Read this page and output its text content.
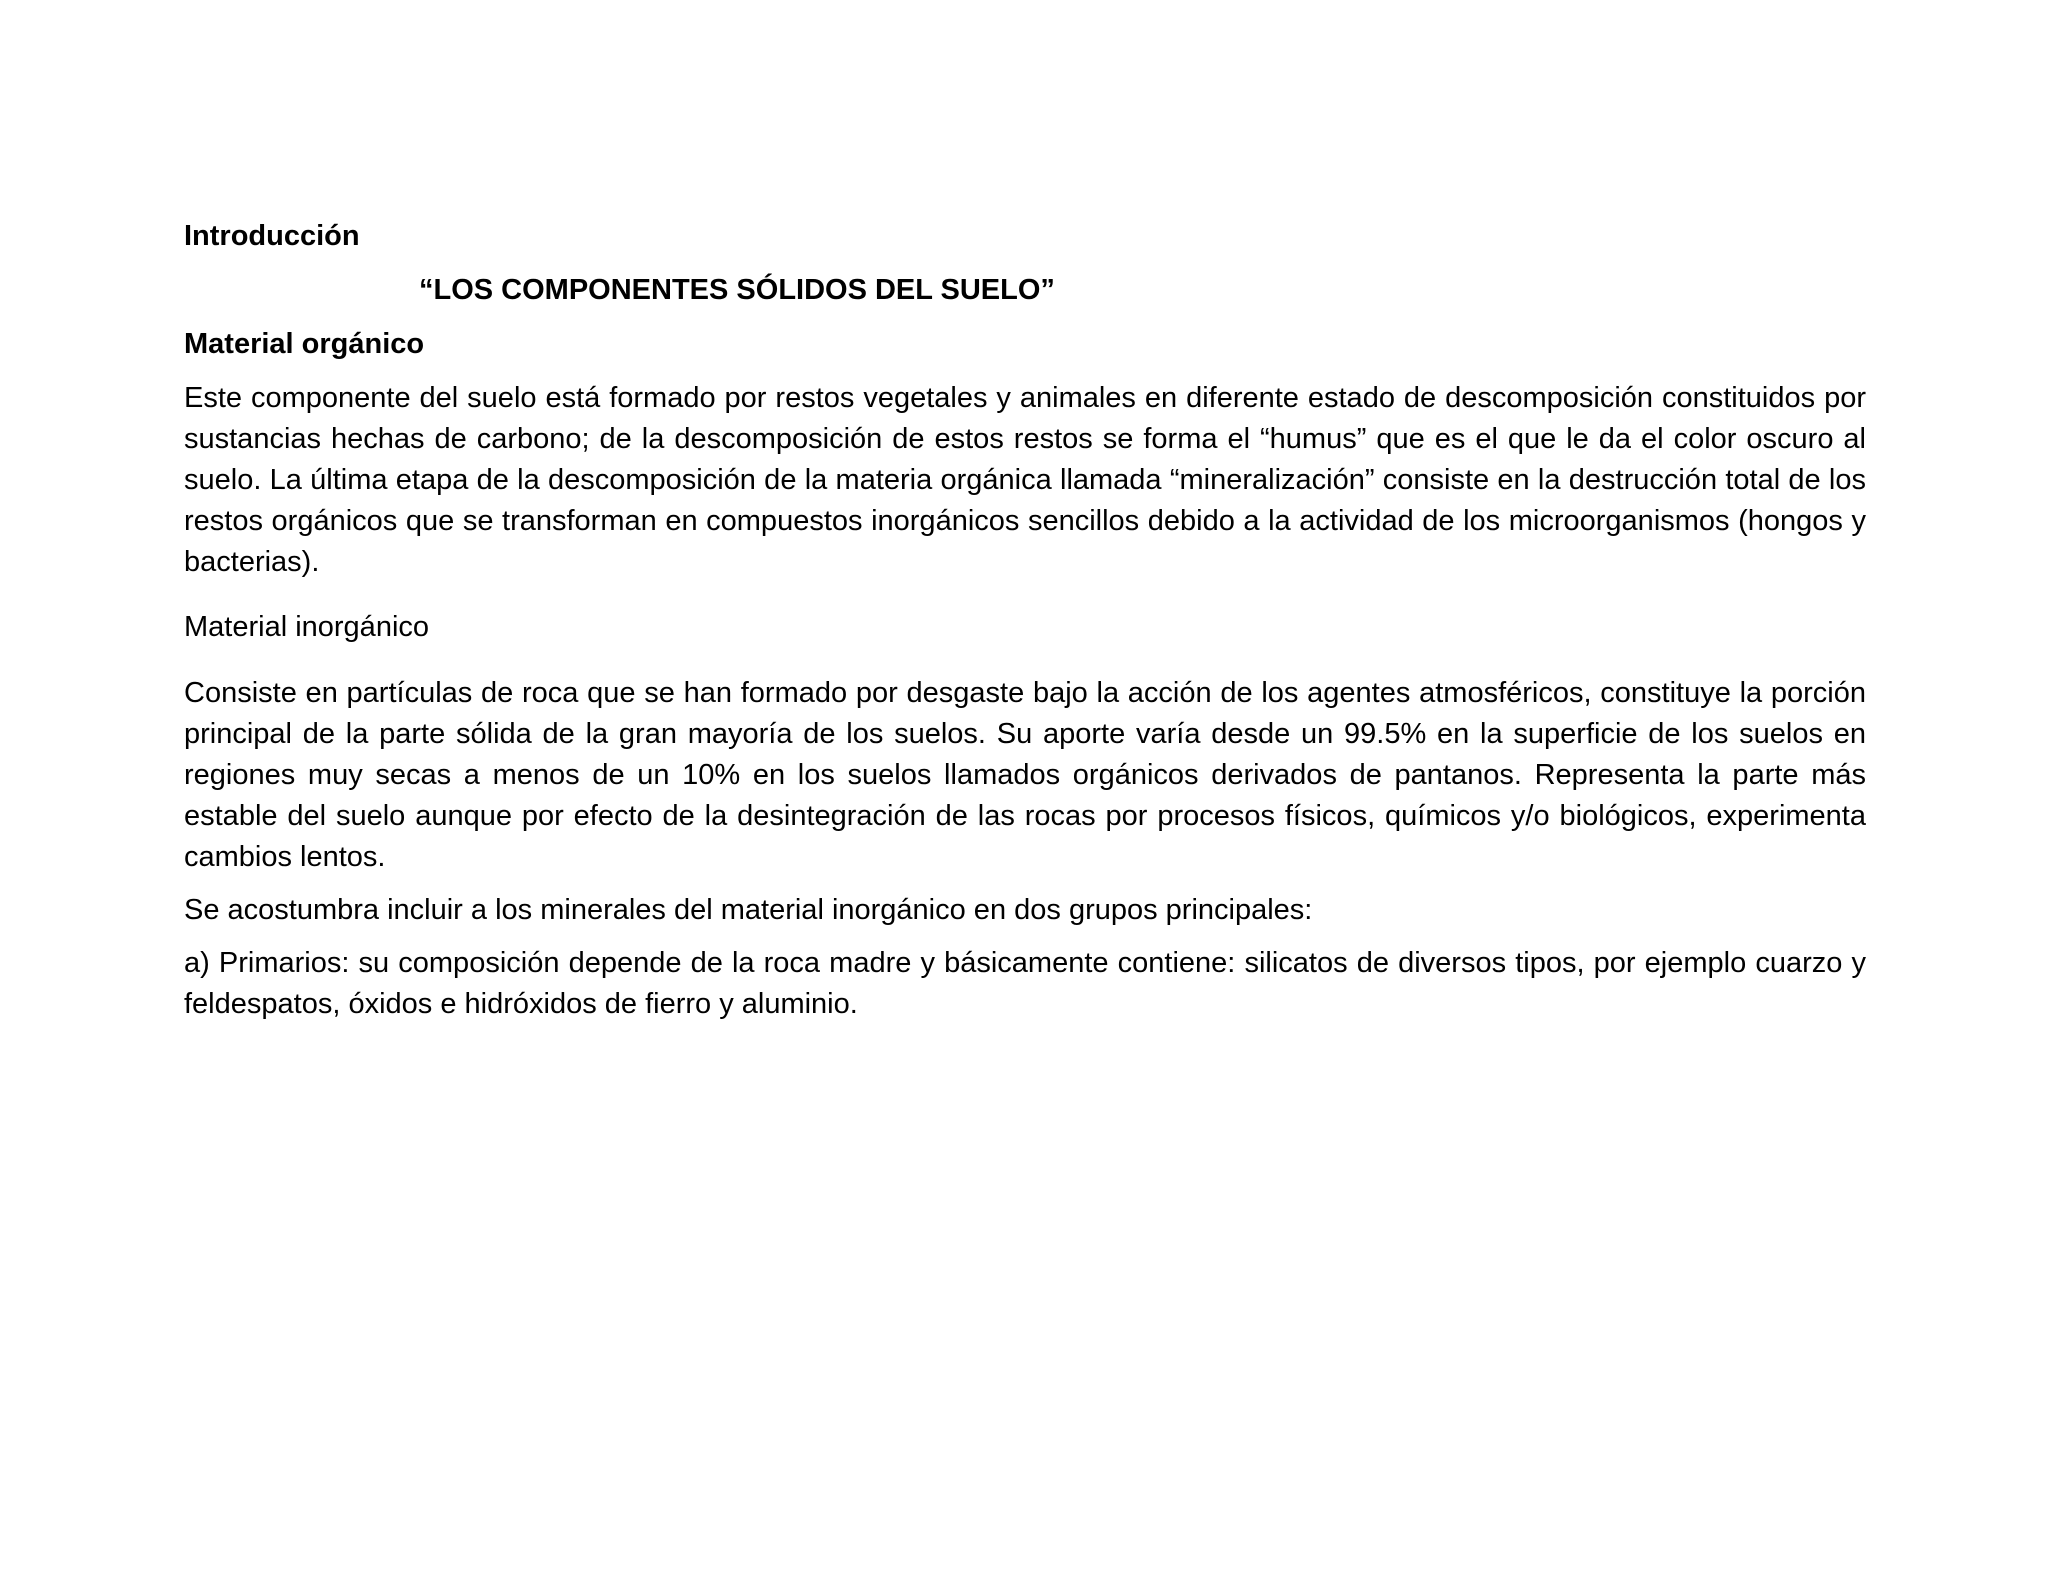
Introducción
“LOS COMPONENTES SÓLIDOS DEL SUELO”
Material orgánico

Este componente del suelo está formado por restos vegetales y animales en diferente estado de descomposición constituidos por sustancias hechas de carbono; de la descomposición de estos restos se forma el “humus” que es el que le da el color oscuro al suelo. La última etapa de la descomposición de la materia orgánica llamada “mineralización” consiste en la destrucción total de los restos orgánicos que se transforman en compuestos inorgánicos sencillos debido a la actividad de los microorganismos (hongos y bacterias).

Material inorgánico

Consiste en partículas de roca que se han formado por desgaste bajo la acción de los agentes atmosféricos, constituye la porción principal de la parte sólida de la gran mayoría de los suelos. Su aporte varía desde un 99.5% en la superficie de los suelos en regiones muy secas a menos de un 10% en los suelos llamados orgánicos derivados de pantanos. Representa la parte más estable del suelo aunque por efecto de la desintegración de las rocas por procesos físicos, químicos y/o biológicos, experimenta cambios lentos.

Se acostumbra incluir a los minerales del material inorgánico en dos grupos principales:

a) Primarios: su composición depende de la roca madre y básicamente contiene: silicatos de diversos tipos, por ejemplo cuarzo y feldespatos, óxidos e hidróxidos de fierro y aluminio.
